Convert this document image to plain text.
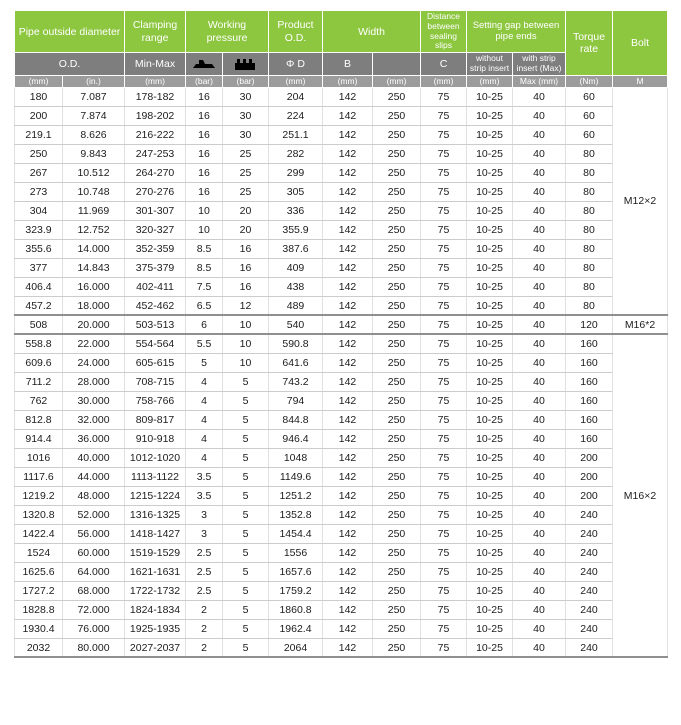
Pipe outside diameter		Clamping range	Working pressure		Product O.D.	Width		Distance between sealing slips	Setting gap between pipe ends		Torque rate	Bolt
O.D.		Min-Max			Φ D	B		C	without strip insert	with strip insert (Max)		
(mm)	(in.)	(mm)	(bar)	(bar)	(mm)	(mm)	(mm)	(mm)	(mm)	Max (mm)	(Nm)	M
180	7.087	178-182	16	30	204	142	250	75	10-25	40	60	M12×2
200	7.874	198-202	16	30	224	142	250	75	10-25	40	60	
219.1	8.626	216-222	16	30	251.1	142	250	75	10-25	40	60	
250	9.843	247-253	16	25	282	142	250	75	10-25	40	80	
267	10.512	264-270	16	25	299	142	250	75	10-25	40	80	
273	10.748	270-276	16	25	305	142	250	75	10-25	40	80	
304	11.969	301-307	10	20	336	142	250	75	10-25	40	80	
323.9	12.752	320-327	10	20	355.9	142	250	75	10-25	40	80	
355.6	14.000	352-359	8.5	16	387.6	142	250	75	10-25	40	80	
377	14.843	375-379	8.5	16	409	142	250	75	10-25	40	80	
406.4	16.000	402-411	7.5	16	438	142	250	75	10-25	40	80	
457.2	18.000	452-462	6.5	12	489	142	250	75	10-25	40	80	
508	20.000	503-513	6	10	540	142	250	75	10-25	40	120	M16*2
558.8	22.000	554-564	5.5	10	590.8	142	250	75	10-25	40	160	M16×2
609.6	24.000	605-615	5	10	641.6	142	250	75	10-25	40	160	
711.2	28.000	708-715	4	5	743.2	142	250	75	10-25	40	160	
762	30.000	758-766	4	5	794	142	250	75	10-25	40	160	
812.8	32.000	809-817	4	5	844.8	142	250	75	10-25	40	160	
914.4	36.000	910-918	4	5	946.4	142	250	75	10-25	40	160	
1016	40.000	1012-1020	4	5	1048	142	250	75	10-25	40	200	
1117.6	44.000	1113-1122	3.5	5	1149.6	142	250	75	10-25	40	200	
1219.2	48.000	1215-1224	3.5	5	1251.2	142	250	75	10-25	40	200	
1320.8	52.000	1316-1325	3	5	1352.8	142	250	75	10-25	40	240	
1422.4	56.000	1418-1427	3	5	1454.4	142	250	75	10-25	40	240	
1524	60.000	1519-1529	2.5	5	1556	142	250	75	10-25	40	240	
1625.6	64.000	1621-1631	2.5	5	1657.6	142	250	75	10-25	40	240	
1727.2	68.000	1722-1732	2.5	5	1759.2	142	250	75	10-25	40	240	
1828.8	72.000	1824-1834	2	5	1860.8	142	250	75	10-25	40	240	
1930.4	76.000	1925-1935	2	5	1962.4	142	250	75	10-25	40	240	
2032	80.000	2027-2037	2	5	2064	142	250	75	10-25	40	240	
